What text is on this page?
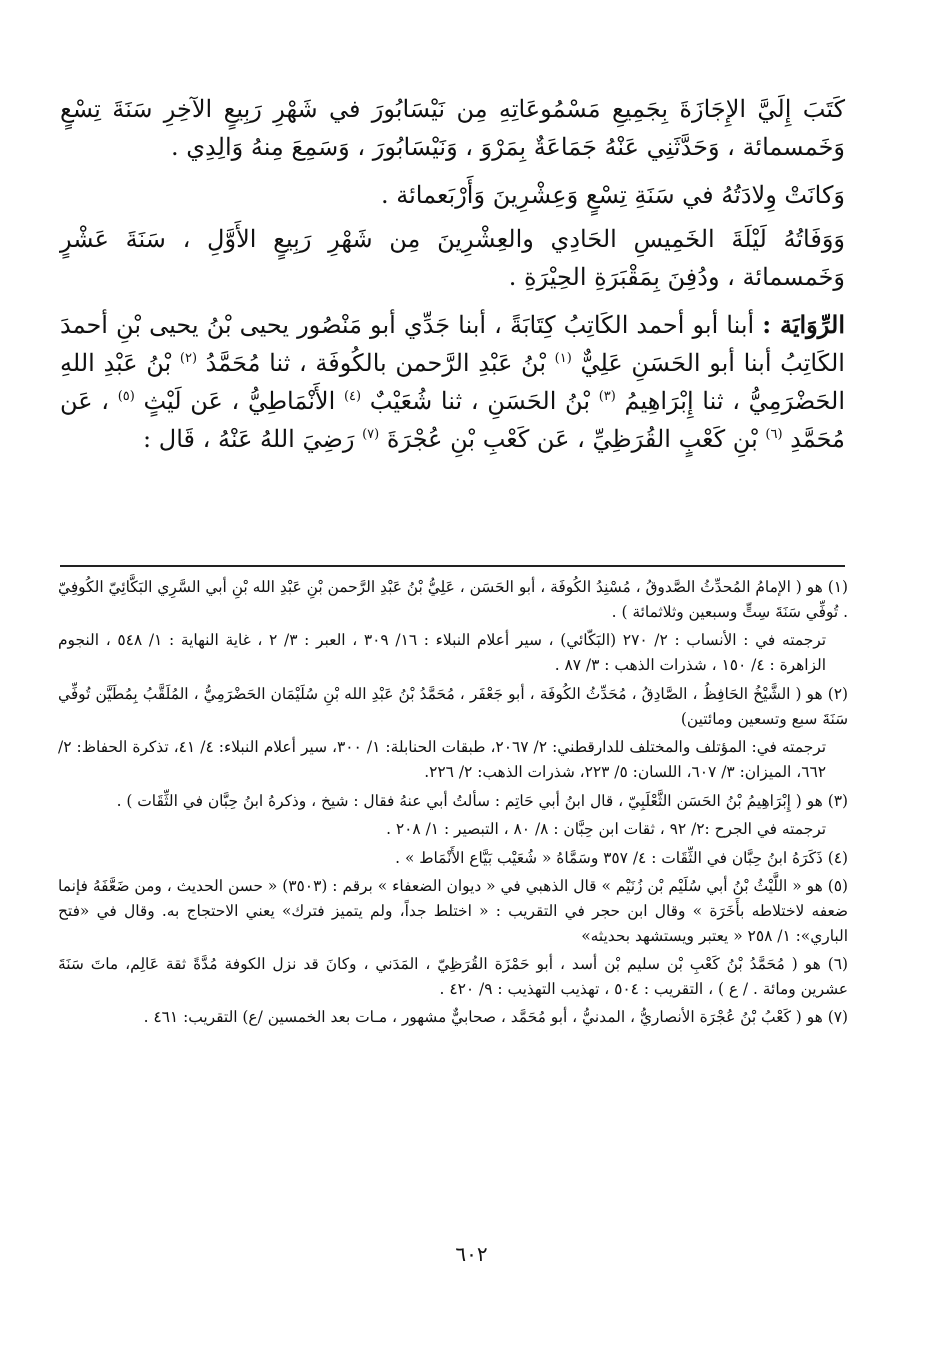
كَتَبَ إِلَيَّ الإِجَازَةَ بِجَمِيعِ مَسْمُوعَاتِهِ مِن نَيْسَابُورَ في شَهْرِ رَبِيعٍ الآخِرِ سَنَةَ تِسْعٍ وَخَمسمائة ، وَحَدَّثَنِي عَنْهُ جَمَاعَةٌ بِمَرْوَ ، وَنَيْسَابُورَ ، وَسَمِعَ مِنهُ وَالِدِي .
وَكانَتْ وِلادَتُهُ في سَنَةِ تِسْعٍ وَعِشْرِينَ وَأَرْبَعمائة .
وَوَفَاتُهُ لَيْلَةَ الخَمِيسِ الحَادِي والعِشْرِينَ مِن شَهْرِ رَبِيعٍ الأَوَّلِ ، سَنَةَ عَشْرٍ وَخَمسمائة ، ودُفِنَ بِمَقْبَرَةِ الحِيْرَةِ .
الرِّوَايَة : أبنا أبو أحمد الكَاتِبُ كِتَابَةً ، أبنا جَدِّي أبو مَنْصُور يحيى بْنُ يحيى بْنِ أحمدَ الكَاتِبُ أبنا أبو الحَسَنِ عَلِيٌّ $^{(١)}$ بْنُ عَبْدِ الرَّحمن بالكُوفَة ، ثنا مُحَمَّدُ $^{(٢)}$ بْنُ عَبْدِ اللهِ الحَضْرَمِيُّ ، ثنا إِبْرَاهِيمُ $^{(٣)}$ بْنُ الحَسَنِ ، ثنا شُعَيْبٌ $^{(٤)}$ الأَنْمَاطِيُّ ، عَن لَيْثٍ $^{(٥)}$ ، عَن مُحَمَّدِ $^{(٦)}$ بْنِ كَعْبٍ القُرَظِيِّ ، عَن كَعْبِ بْنِ عُجْرَةَ $^{(٧)}$ رَضِيَ اللهُ عَنْهُ ، قَال :
(١) هو ( الإمامُ المُحدِّثُ الصَّدوقُ ، مُسْنِدُ الكُوفَة ، أبو الحَسَن ، عَلِيُّ بْنُ عَبْدِ الرَّحمن بْنِ عَبْدِ الله بْنِ أبي السَّرِي البَكَّائِيّ الكُوفِيّ . تُوفِّي سَنَةَ سِتٍّ وسبعين وثلاثمائة ) .
ترجمته في : الأنساب : ٢/ ٢٧٠ (البَكّائي) ، سير أعلام النبلاء : ١٦/ ٣٠٩ ، العبر : ٣/ ٢ ، غاية النهاية : ١/ ٥٤٨ ، النجوم الزاهرة : ٤/ ١٥٠ ، شذرات الذهب : ٣/ ٨٧ .
(٢) هو ( الشَّيْخُ الحَافِظُ ، الصَّادِقُ ، مُحَدِّثُ الكُوفَة ، أبو جَعْفَر ، مُحَمَّدُ بْنُ عَبْدِ الله بْنِ سُلَيْمَان الحَضْرَمِيُّ ، المُلَقَّبُ بِمُطَيَّن تُوفِّي سَنَةَ سبع وتسعين ومائتين)
ترجمته في: المؤتلف والمختلف للدارقطني: ٢/ ٢٠٦٧، طبقات الحنابلة: ١/ ٣٠٠، سير أعلام النبلاء: ٤/ ٤١، تذكرة الحفاظ: ٢/ ٦٦٢، الميزان: ٣/ ٦٠٧، اللسان: ٥/ ٢٢٣، شذرات الذهب: ٢/ ٢٢٦.
(٣) هو ( إِبْرَاهِيمُ بْنُ الحَسَن الثَّعْلَبِيّ ، قال ابنُ أبي حَاتِم : سألتُ أبي عنهُ فقال : شيخ ، وذكرهُ ابنُ حِبَّان في الثِّقَات ) .
ترجمته في الجرح :٢/ ٩٢ ، ثقات ابن حِبَّان : ٨/ ٨٠ ، التبصير : ١/ ٢٠٨ .
(٤) ذَكَرَهُ ابنُ حِبَّان في الثِّقَات : ٤/ ٣٥٧ وسَمَّاهُ « شُعَيْب بَيَّاع الأَنْمَاط » .
(٥) هو « اللَّيْثُ بْنُ أبي سُلَيْم بْن زُنَيْم » قال الذهبي في « ديوان الضعفاء » برقم : (٣٥٠٣) « حسن الحديث ، ومن ضَعَّفَهُ فإنما ضعفه لاختلاطه بأَخَرَة » وقال ابن حجر في التقريب : « اختلط جداً، ولم يتميز فترك» يعني الاحتجاج به. وقال في «فتح الباري»: ١/ ٢٥٨ « يعتبر ويستشهد بحديثه»
(٦) هو ( مُحَمَّدُ بْنُ كَعْبِ بْن سليم بْن أسد ، أبو حَمْزَة القُرَظِيّ ، المَدَني ، وكانَ قد نزل الكوفة مُدَّةً ثقة عَالِم، ماتَ سَنَةَ عشرين ومائة . / ع ) ، التقريب : ٥٠٤ ، تهذيب التهذيب : ٩/ ٤٢٠ .
(٧) هو ( كَعْبُ بْنُ عُجْرَة الأنصاريُّ ، المدنيُّ ، أبو مُحَمَّد ، صحابيٌّ مشهور ، مـات بعد الخمسين /ع) التقريب: ٤٦١ .
٦٠٢
